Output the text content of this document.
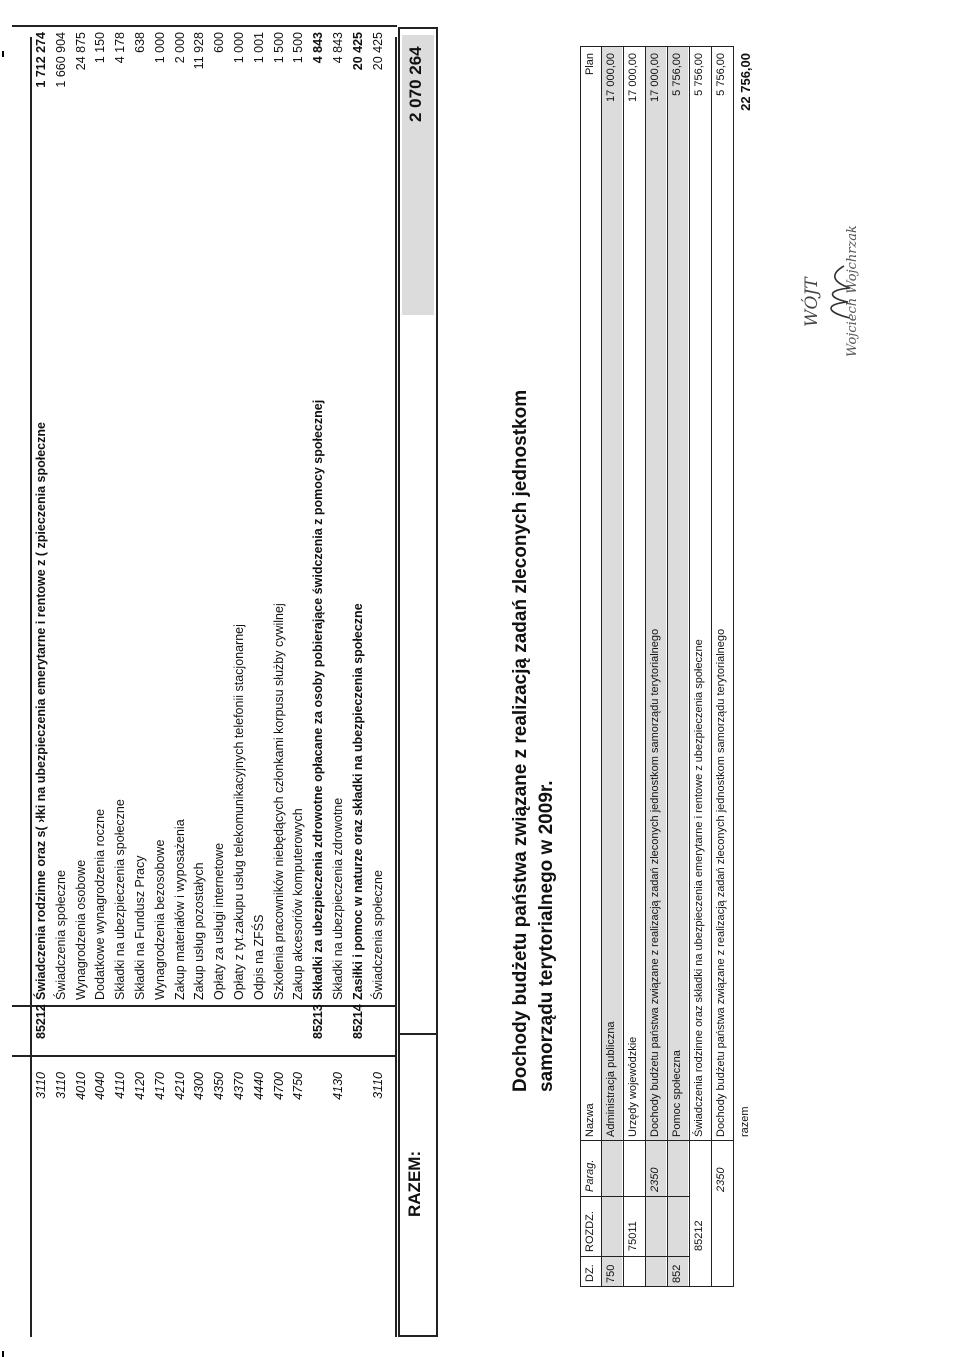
85212
3110
Świadczenia rodzinne oraz s( ›łki na ubezpieczenia emerytarne i rentowe z ( zpieczenia społeczne
1 712 274
3110
Świadczenia społeczne
1 660 904
4010
Wynagrodzenia osobowe
24 875
4040
Dodatkowe wynagrodzenia roczne
1 150
4110
Składki na ubezpieczenia społeczne
4 178
4120
Składki na Fundusz Pracy
638
4170
Wynagrodzenia bezosobowe
1 000
4210
Zakup materiałów i wyposażenia
2 000
4300
Zakup usług pozostałych
11 928
4350
Opłaty za usługi internetowe
600
4370
Opłaty z tyt.zakupu usług telekomunikacyjnych telefonii stacjonarnej
1 000
4440
Odpis na ZFŚS
1 001
4700
Szkolenia pracowników niebędących członkami korpusu służby cywilnej
1 500
4750
Zakup akcesoriów komputerowych
1 500
85213
Składki za ubezpieczenia zdrowotne opłacane za osoby pobierające świdczenia z pomocy społecznej
4 843
4130
Składki na ubezpieczenia zdrowotne
4 843
85214
Zasiłki i pomoc w naturze oraz składki na ubezpieczenia społeczne
20 425
3110
Świadczenia społeczne
20 425
RAZEM:
2 070 264
Dochody budżetu państwa związane z realizacją zadań zleconych jednostkom samorządu terytorialnego w 2009r.
DZ.
ROZDZ.
Parag.
Nazwa
Plan
750
Administracja publiczna
17 000,00
75011
Urzędy wojewódzkie
17 000,00
2350
Dochody budżetu państwa związane z realizacją zadań zleconych jednostkom samorządu terytorialnego
17 000,00
852
Pomoc społeczna
5 756,00
85212
Świadczenia rodzinne oraz składki na ubezpieczenia emerytarne i rentowe z ubezpieczenia społeczne
5 756,00
2350
Dochody budżetu państwa związane z realizacją zadań zleconych jednostkom samorządu terytorialnego
5 756,00
razem
22 756,00
WÓJT Wojciech Wojchrzak
